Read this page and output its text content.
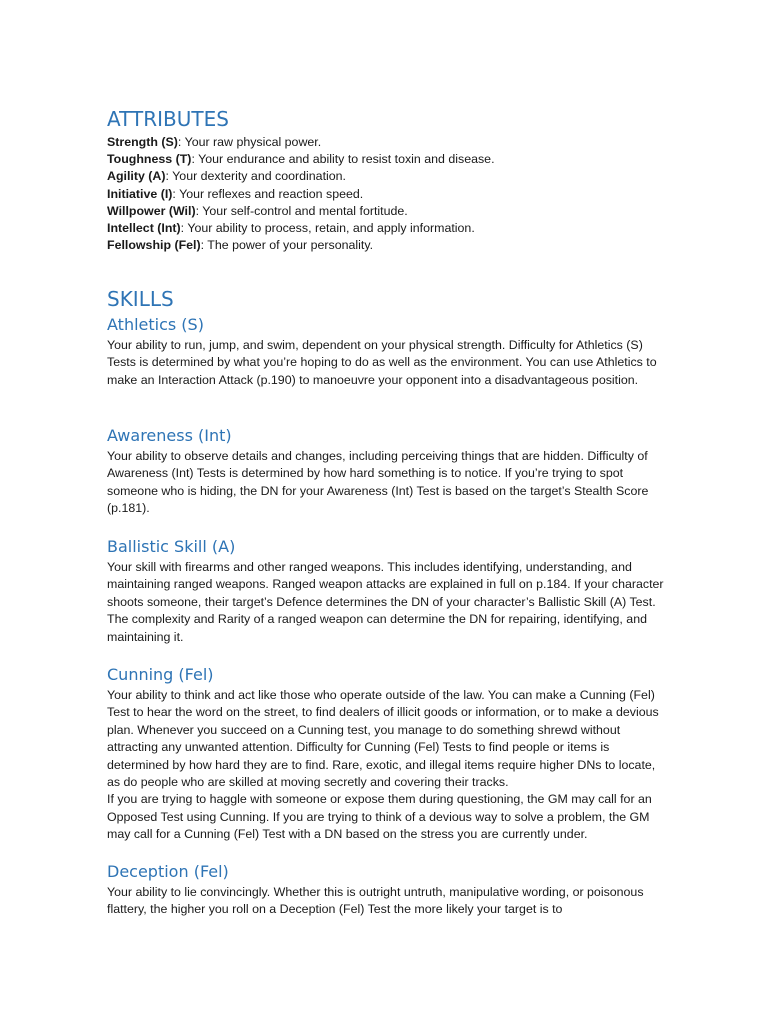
ATTRIBUTES
Strength (S): Your raw physical power.
Toughness (T): Your endurance and ability to resist toxin and disease.
Agility (A): Your dexterity and coordination.
Initiative (I): Your reflexes and reaction speed.
Willpower (Wil): Your self-control and mental fortitude.
Intellect (Int): Your ability to process, retain, and apply information.
Fellowship (Fel): The power of your personality.
SKILLS
Athletics (S)

Your ability to run, jump, and swim, dependent on your physical strength. Difficulty for Athletics (S) Tests is determined by what you’re hoping to do as well as the environment. You can use Athletics to make an Interaction Attack (p.190) to manoeuvre your opponent into a disadvantageous position.

Awareness (Int)

Your ability to observe details and changes, including perceiving things that are hidden. Difficulty of Awareness (Int) Tests is determined by how hard something is to notice. If you’re trying to spot someone who is hiding, the DN for your Awareness (Int) Test is based on the target’s Stealth Score (p.181).

Ballistic Skill (A)

Your skill with firearms and other ranged weapons. This includes identifying, understanding, and maintaining ranged weapons. Ranged weapon attacks are explained in full on p.184. If your character shoots someone, their target’s Defence determines the DN of your character’s Ballistic Skill (A) Test. The complexity and Rarity of a ranged weapon can determine the DN for repairing, identifying, and maintaining it.

Cunning (Fel)

Your ability to think and act like those who operate outside of the law. You can make a Cunning (Fel) Test to hear the word on the street, to find dealers of illicit goods or information, or to make a devious plan. Whenever you succeed on a Cunning test, you manage to do something shrewd without attracting any unwanted attention. Difficulty for Cunning (Fel) Tests to find people or items is determined by how hard they are to find. Rare, exotic, and illegal items require higher DNs to locate, as do people who are skilled at moving secretly and covering their tracks.

If you are trying to haggle with someone or expose them during questioning, the GM may call for an Opposed Test using Cunning. If you are trying to think of a devious way to solve a problem, the GM may call for a Cunning (Fel) Test with a DN based on the stress you are currently under.

Deception (Fel)

Your ability to lie convincingly. Whether this is outright untruth, manipulative wording, or poisonous flattery, the higher you roll on a Deception (Fel) Test the more likely your target is to
